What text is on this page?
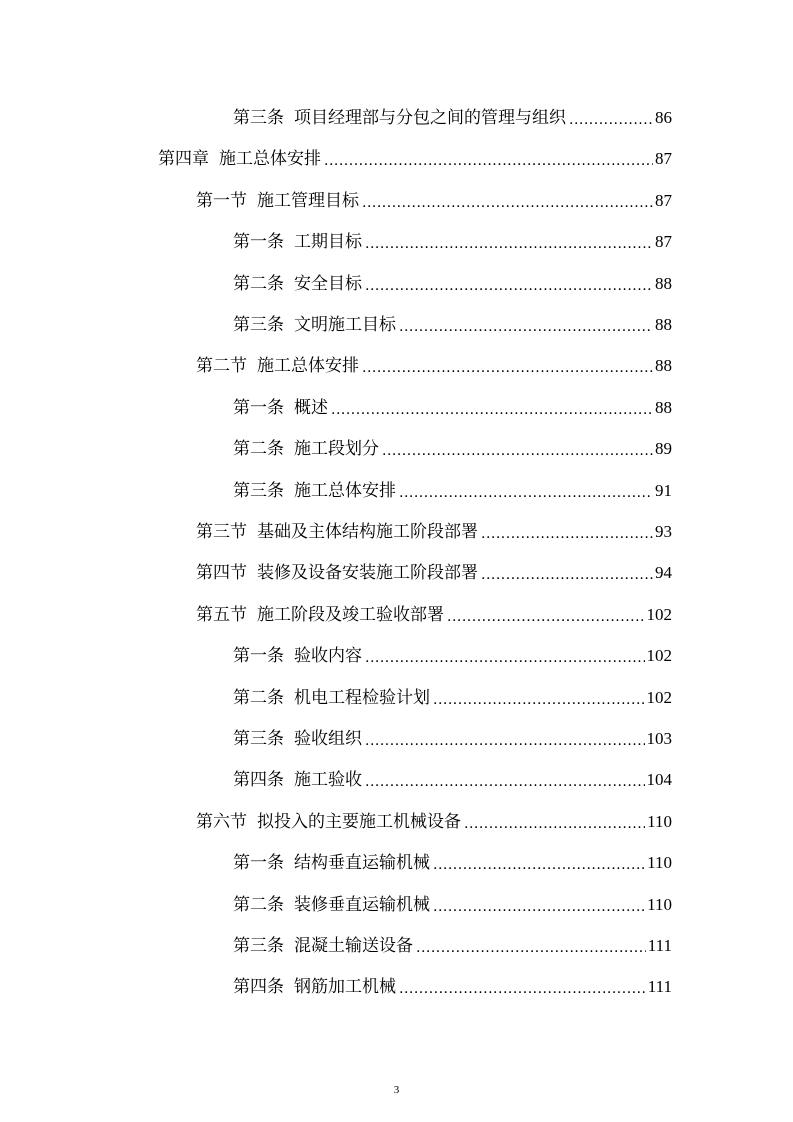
第三条 项目经理部与分包之间的管理与组织 .....	86
第四章 施工总体安排 .....	87
第一节 施工管理目标 .....	87
第一条 工期目标 .....	87
第二条 安全目标 .....	88
第三条 文明施工目标 .....	88
第二节 施工总体安排 .....	88
第一条 概述 .....	88
第二条 施工段划分 .....	89
第三条 施工总体安排 .....	91
第三节 基础及主体结构施工阶段部署 .....	93
第四节 装修及设备安装施工阶段部署 .....	94
第五节 施工阶段及竣工验收部署 .....	102
第一条 验收内容 .....	102
第二条 机电工程检验计划 .....	102
第三条 验收组织 .....	103
第四条 施工验收 .....	104
第六节 拟投入的主要施工机械设备 .....	110
第一条 结构垂直运输机械 .....	110
第二条 装修垂直运输机械 .....	110
第三条 混凝土输送设备 .....	111
第四条 钢筋加工机械 .....	111
3
